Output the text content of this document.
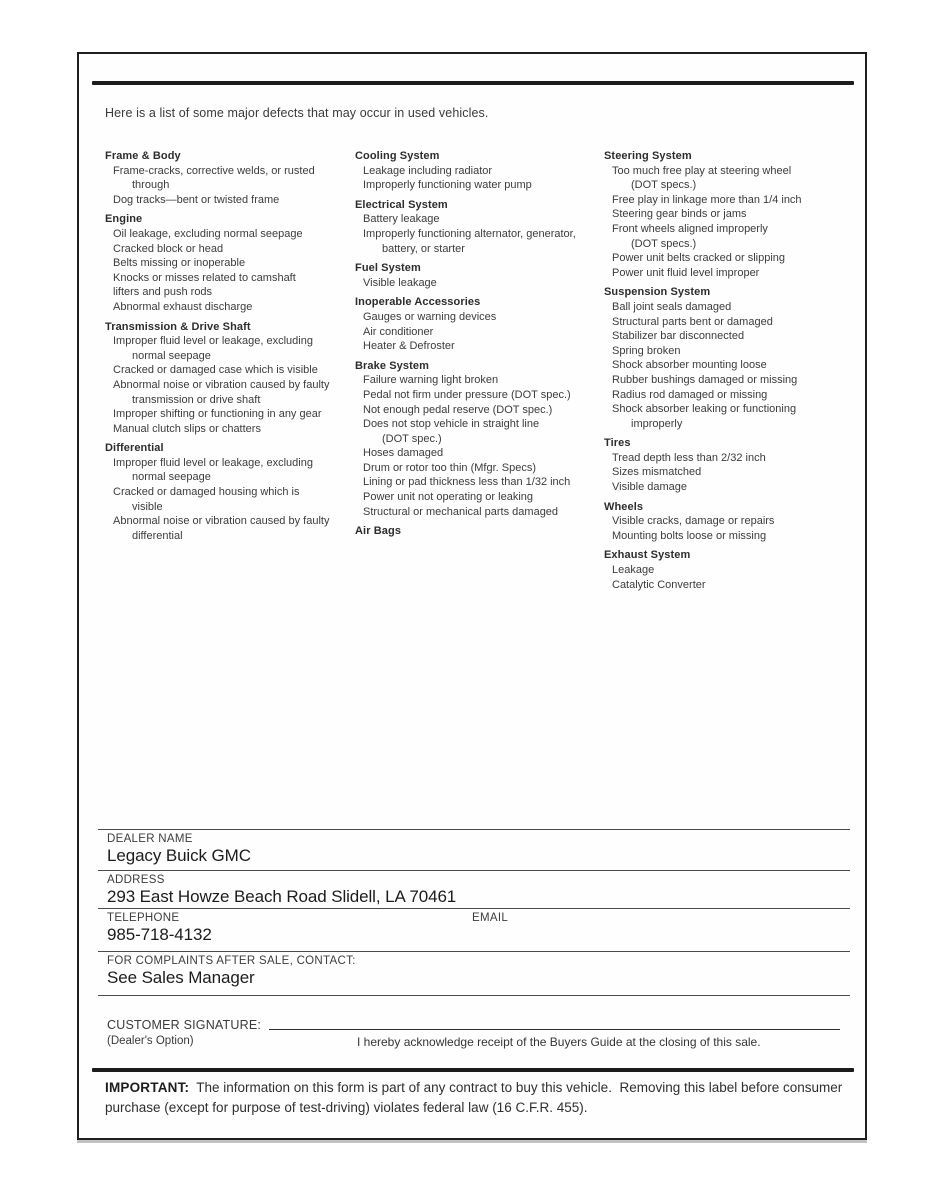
Here is a list of some major defects that may occur in used vehicles.

Frame & Body
Frame-cracks, corrective welds, or rusted
through
Dog tracks—bent or twisted frame
Engine
Oil leakage, excluding normal seepage
Cracked block or head
Belts missing or inoperable
Knocks or misses related to camshaft
lifters and push rods
Abnormal exhaust discharge
Transmission & Drive Shaft
Improper fluid level or leakage, excluding
normal seepage
Cracked or damaged case which is visible
Abnormal noise or vibration caused by faulty
transmission or drive shaft
Improper shifting or functioning in any gear
Manual clutch slips or chatters
Differential
Improper fluid level or leakage, excluding
normal seepage
Cracked or damaged housing which is
visible
Abnormal noise or vibration caused by faulty
differential
Cooling System
Leakage including radiator
Improperly functioning water pump
Electrical System
Battery leakage
Improperly functioning alternator, generator,
battery, or starter
Fuel System
Visible leakage
Inoperable Accessories
Gauges or warning devices
Air conditioner
Heater & Defroster
Brake System
Failure warning light broken
Pedal not firm under pressure (DOT spec.)
Not enough pedal reserve (DOT spec.)
Does not stop vehicle in straight line
(DOT spec.)
Hoses damaged
Drum or rotor too thin (Mfgr. Specs)
Lining or pad thickness less than 1/32 inch
Power unit not operating or leaking
Structural or mechanical parts damaged
Air Bags
Steering System
Too much free play at steering wheel
(DOT specs.)
Free play in linkage more than 1/4 inch
Steering gear binds or jams
Front wheels aligned improperly
(DOT specs.)
Power unit belts cracked or slipping
Power unit fluid level improper
Suspension System
Ball joint seals damaged
Structural parts bent or damaged
Stabilizer bar disconnected
Spring broken
Shock absorber mounting loose
Rubber bushings damaged or missing
Radius rod damaged or missing
Shock absorber leaking or functioning
improperly
Tires
Tread depth less than 2/32 inch
Sizes mismatched
Visible damage
Wheels
Visible cracks, damage or repairs
Mounting bolts loose or missing
Exhaust System
Leakage
Catalytic Converter
DEALER NAME
Legacy Buick GMC
ADDRESS
293 East Howze Beach Road Slidell, LA 70461
TELEPHONE	EMAIL
985-718-4132
FOR COMPLAINTS AFTER SALE, CONTACT:
See Sales Manager
CUSTOMER SIGNATURE:
(Dealer's Option)	I hereby acknowledge receipt of the Buyers Guide at the closing of this sale.

IMPORTANT: The information on this form is part of any contract to buy this vehicle.  Removing this label before consumer purchase (except for purpose of test-driving) violates federal law (16 C.F.R. 455).
